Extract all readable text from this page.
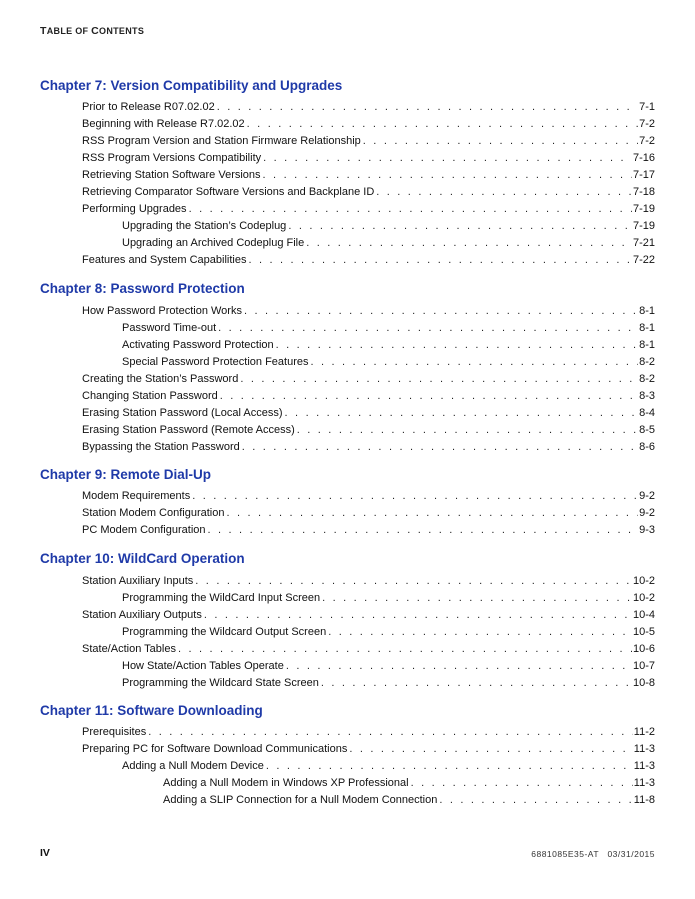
TABLE OF CONTENTS
Chapter 7: Version Compatibility and Upgrades
Prior to Release R07.02.02 . . .	7-1
Beginning with Release R7.02.02 . . .	7-2
RSS Program Version and Station Firmware Relationship . . .	7-2
RSS Program Versions Compatibility . . .	7-16
Retrieving Station Software Versions . . .	7-17
Retrieving Comparator Software Versions and Backplane ID . . .	7-18
Performing Upgrades . . .	7-19
Upgrading the Station’s Codeplug . . .	7-19
Upgrading an Archived Codeplug File . . .	7-21
Features and System Capabilities . . .	7-22
Chapter 8: Password Protection
How Password Protection Works . . .	8-1
Password Time-out . . .	8-1
Activating Password Protection . . .	8-1
Special Password Protection Features . . .	8-2
Creating the Station’s Password . . .	8-2
Changing Station Password . . .	8-3
Erasing Station Password (Local Access) . . .	8-4
Erasing Station Password (Remote Access) . . .	8-5
Bypassing the Station Password . . .	8-6
Chapter 9: Remote Dial-Up
Modem Requirements . . .	9-2
Station Modem Configuration . . .	9-2
PC Modem Configuration . . .	9-3
Chapter 10: WildCard Operation
Station Auxiliary Inputs . . .	10-2
Programming the WildCard Input Screen . . .	10-2
Station Auxiliary Outputs . . .	10-4
Programming the Wildcard Output Screen . . .	10-5
State/Action Tables . . .	10-6
How State/Action Tables Operate . . .	10-7
Programming the Wildcard State Screen . . .	10-8
Chapter 11: Software Downloading
Prerequisites . . .	11-2
Preparing PC for Software Download Communications . . .	11-3
Adding a Null Modem Device . . .	11-3
Adding a Null Modem in Windows XP Professional . . .	11-3
Adding a SLIP Connection for a Null Modem Connection . . .	11-8
IV	6881085E35-AT   03/31/2015
